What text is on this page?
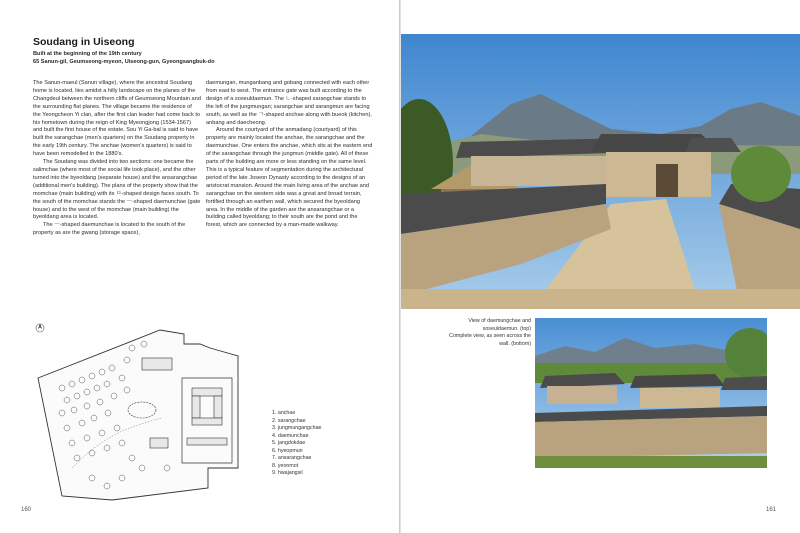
Soudang in Uiseong
Built at the beginning of the 19th century
65 Sanun-gil, Geumseong-myeon, Uiseong-gun, Gyeongsangbuk-do

The Sanun-maeul (Sanun village), where the ancestral Soudang home is located, lies amidst a hilly landscape on the planes of the Changdeul between the northern cliffs of Geumseong Mountain and the surrounding flat planes. The village became the residence of the Yeongcheon Yi clan, after the first clan leader had come back to his hometown during the reign of King Myeongjong (1534-1567) and built the first house of the estate. Sou Yi Ga-bal is said to have built the sarangchae (men's quarters) on the Soudang property in the early 19th century. The anchae (women's quarters) is said to have been remodelled in the 1880's.

The Soudang was divided into two sections: one became the salimchae (where most of the social life took place), and the other turned into the byeoldang (separate house) and the ansarangchae (additional men's building). The plans of the property show that the momchae (main building) with its ㅁ-shaped design faces south. To the south of the momchae stands the ㅡ-shaped daemunchae (gate house) and to the west of the momchae (main building) the byeoldang area is located.

The ㅡ-shaped daemunchae is located to the south of the property as are the gwang (storage space),

daemungan, munganbang and gobang connected with each other from east to west. The entrance gate was built according to the design of a soseuldaemun. The ㄴ-shaped sarangchae stands to the left of the jungmungan; sarangchae and sarangmun are facing south, as well as the ㄱ-shaped anchae along with bueok (kitchen), anbang and daecheong.

Around the courtyard of the anmadang (courtyard) of this property are mainly located the anchae, the sarangchae and the daemunchae. One enters the anchae, which sits at the eastern end of the sarangchae through the jungmun (middle gate). All of these parts of the building are more or less standing on the same level. This is a typical feature of segmentation during the architectural period of the late Joseon Dynasty according to the designs of an aristocrat mansion. Around the main living area of the anchae and sarangchae on the western side was a great and broad terrain, fortified through an earthen wall, which secured the byeoldang area. In the middle of the garden are the ansarangchae or a building called byeoldang; to their south are the pond and the forest, which are connected by a man-made walkway.

1. anchae
2. sarangchae
3. jungmungangchae
4. daemunchae
5. jangdokdae
6. hyeopmun
7. ansarangchae
8. yeonmot
9. hwajangsil
160
View of daemungchae and
soseuldaemun. (top)
Complete view, as seen across the
wall. (bottom)
161
